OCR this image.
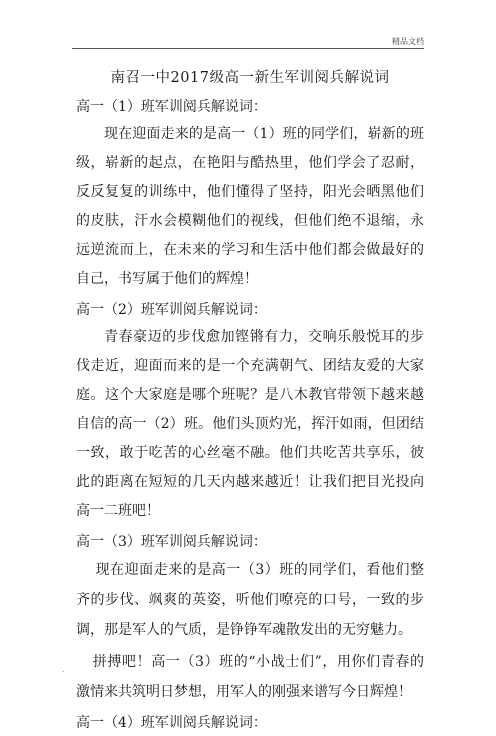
精品文档
南召一中2017级高一新生军训阅兵解说词
高一（1）班军训阅兵解说词：

现在迎面走来的是高一（1）班的同学们，崭新的班级，崭新的起点，在艳阳与酷热里，他们学会了忍耐，反反复复的训练中，他们懂得了坚持，阳光会晒黑他们的皮肤，汗水会模糊他们的视线，但他们绝不退缩，永远逆流而上，在未来的学习和生活中他们都会做最好的自己，书写属于他们的辉煌！

高一（2）班军训阅兵解说词：

青春豪迈的步伐愈加铿锵有力，交响乐般悦耳的步伐走近，迎面而来的是一个充满朝气、团结友爱的大家庭。这个大家庭是哪个班呢？是八木教官带领下越来越自信的高一（2）班。他们头顶灼光，挥汗如雨，但团结一致，敢于吃苦的心丝毫不融。他们共吃苦共享乐，彼此的距离在短短的几天内越来越近！让我们把目光投向高一二班吧！

高一（3）班军训阅兵解说词：

现在迎面走来的是高一（3）班的同学们，看他们整齐的步伐、飒爽的英姿，听他们嘹亮的口号，一致的步调，那是军人的气质，是铮铮军魂散发出的无穷魅力。

拼搏吧！高一（3）班的“小战士们”，用你们青春的激情来共筑明日梦想，用军人的刚强来谱写今日辉煌！

高一（4）班军训阅兵解说词：
.
